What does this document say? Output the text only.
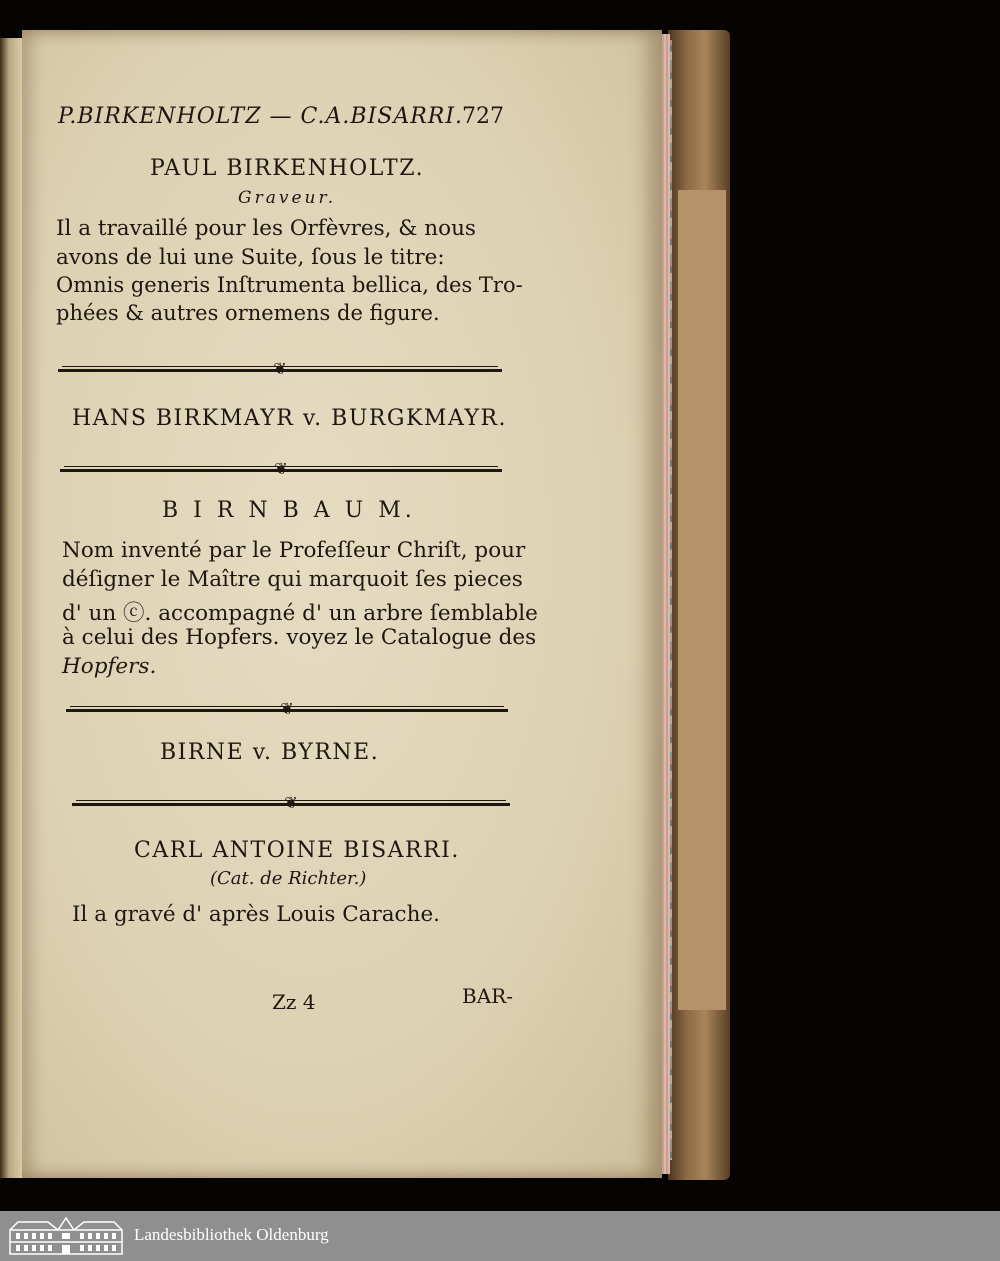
P.BIRKENHOLTZ — C.A.BISARRI.
727
PAUL BIRKENHOLTZ.
Graveur.
Il a travaillé pour les Orfèvres, & nous
avons de lui une Suite, ſous le titre:
Omnis generis Inſtrumenta bellica, des Tro-
phées & autres ornemens de figure.
❦
HANS BIRKMAYR v. BURGKMAYR.
❦
B I R N B A U M.
Nom inventé par le Profeſſeur Chriſt, pour
déſigner le Maître qui marquoit ſes pieces
d' un ⓒ. accompagné d' un arbre ſemblable
à celui des Hopfers. voyez le Catalogue des
Hopfers.
❦
BIRNE v. BYRNE.
❦
CARL ANTOINE BISARRI.
(Cat. de Richter.)
Il a gravé d' après Louis Carache.
Zz 4	BAR-
Landesbibliothek Oldenburg
